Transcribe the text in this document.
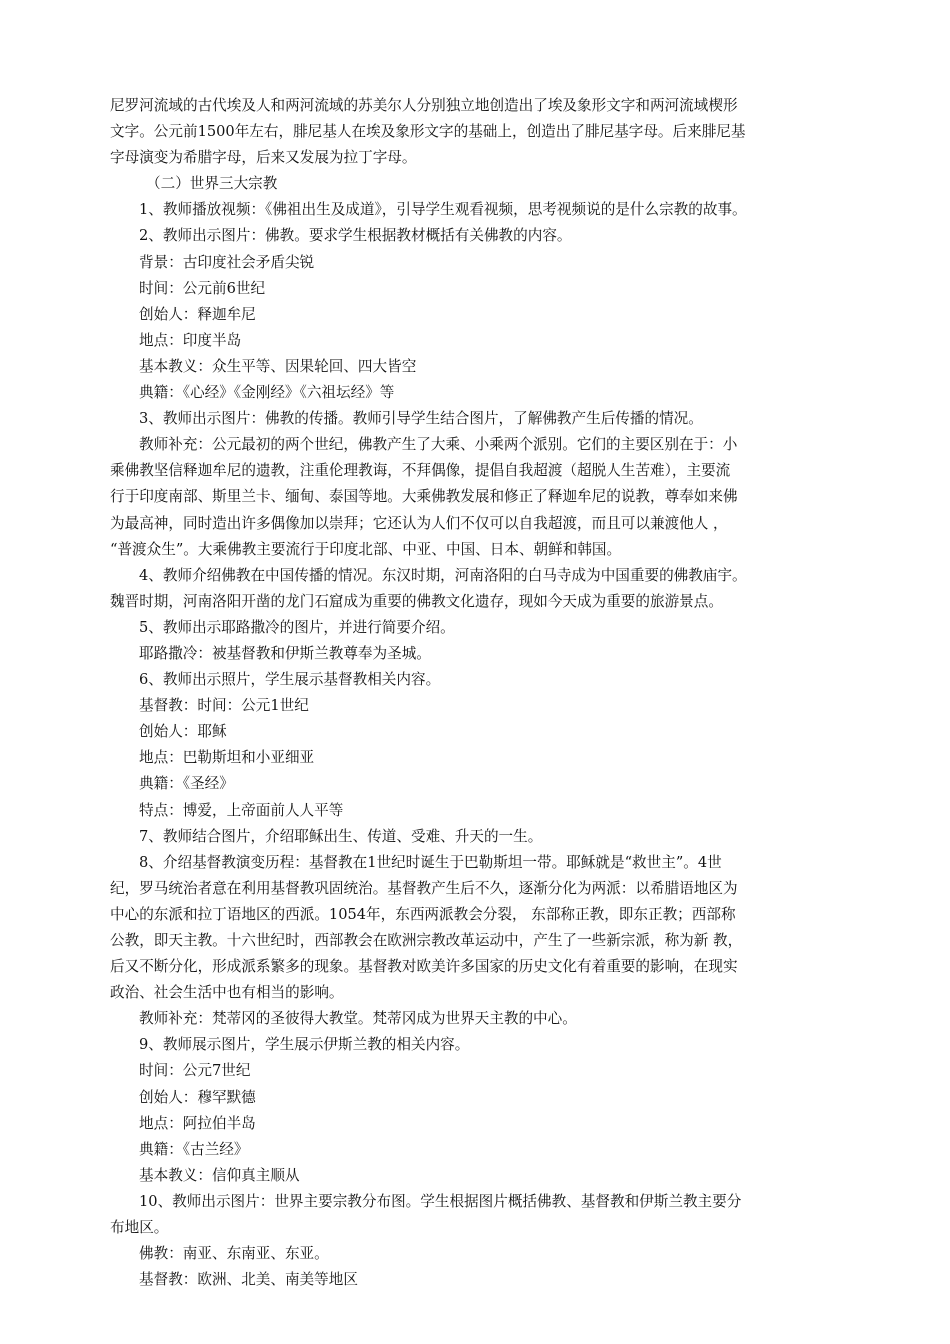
尼罗河流域的古代埃及人和两河流域的苏美尔人分别独立地创造出了埃及象形文字和两河流域楔形
文字。公元前1500年左右，腓尼基人在埃及象形文字的基础上，创造出了腓尼基字母。后来腓尼基
字母演变为希腊字母，后来又发展为拉丁字母。
（二）世界三大宗教
1、教师播放视频：《佛祖出生及成道》，引导学生观看视频，思考视频说的是什么宗教的故事。
2、教师出示图片：佛教。要求学生根据教材概括有关佛教的内容。
背景：古印度社会矛盾尖锐
时间：公元前6世纪
创始人：释迦牟尼
地点：印度半岛
基本教义：众生平等、因果轮回、四大皆空
典籍：《心经》《金刚经》《六祖坛经》等
3、教师出示图片：佛教的传播。教师引导学生结合图片，了解佛教产生后传播的情况。
教师补充：公元最初的两个世纪，佛教产生了大乘、小乘两个派别。它们的主要区别在于：小
乘佛教坚信释迦牟尼的遗教，注重伦理教诲，不拜偶像，提倡自我超渡（超脱人生苦难），主要流
行于印度南部、斯里兰卡、缅甸、泰国等地。大乘佛教发展和修正了释迦牟尼的说教，尊奉如来佛
为最高神，同时造出许多偶像加以崇拜；它还认为人们不仅可以自我超渡，而且可以兼渡他人 ，
“普渡众生”。大乘佛教主要流行于印度北部、中亚、中国、日本、朝鲜和韩国。
4、教师介绍佛教在中国传播的情况。东汉时期，河南洛阳的白马寺成为中国重要的佛教庙宇。
魏晋时期，河南洛阳开凿的龙门石窟成为重要的佛教文化遗存，现如今天成为重要的旅游景点。
5、教师出示耶路撒冷的图片，并进行简要介绍。
耶路撒冷：被基督教和伊斯兰教尊奉为圣城。
6、教师出示照片，学生展示基督教相关内容。
基督教：时间：公元1世纪
创始人：耶稣
地点：巴勒斯坦和小亚细亚
典籍：《圣经》
特点：博爱，上帝面前人人平等
7、教师结合图片，介绍耶稣出生、传道、受难、升天的一生。
8、介绍基督教演变历程：基督教在1世纪时诞生于巴勒斯坦一带。耶稣就是“救世主”。4世
纪，罗马统治者意在利用基督教巩固统治。基督教产生后不久，逐渐分化为两派：以希腊语地区为
中心的东派和拉丁语地区的西派。1054年，东西两派教会分裂， 东部称正教，即东正教；西部称
公教，即天主教。十六世纪时，西部教会在欧洲宗教改革运动中，产生了一些新宗派，称为新 教，
后又不断分化，形成派系繁多的现象。基督教对欧美许多国家的历史文化有着重要的影响，在现实
政治、社会生活中也有相当的影响。
教师补充：梵蒂冈的圣彼得大教堂。梵蒂冈成为世界天主教的中心。
9、教师展示图片，学生展示伊斯兰教的相关内容。
时间：公元7世纪
创始人：穆罕默德
地点：阿拉伯半岛
典籍：《古兰经》
基本教义：信仰真主顺从
10、教师出示图片：世界主要宗教分布图。学生根据图片概括佛教、基督教和伊斯兰教主要分
布地区。
佛教：南亚、东南亚、东亚。
基督教：欧洲、北美、南美等地区
